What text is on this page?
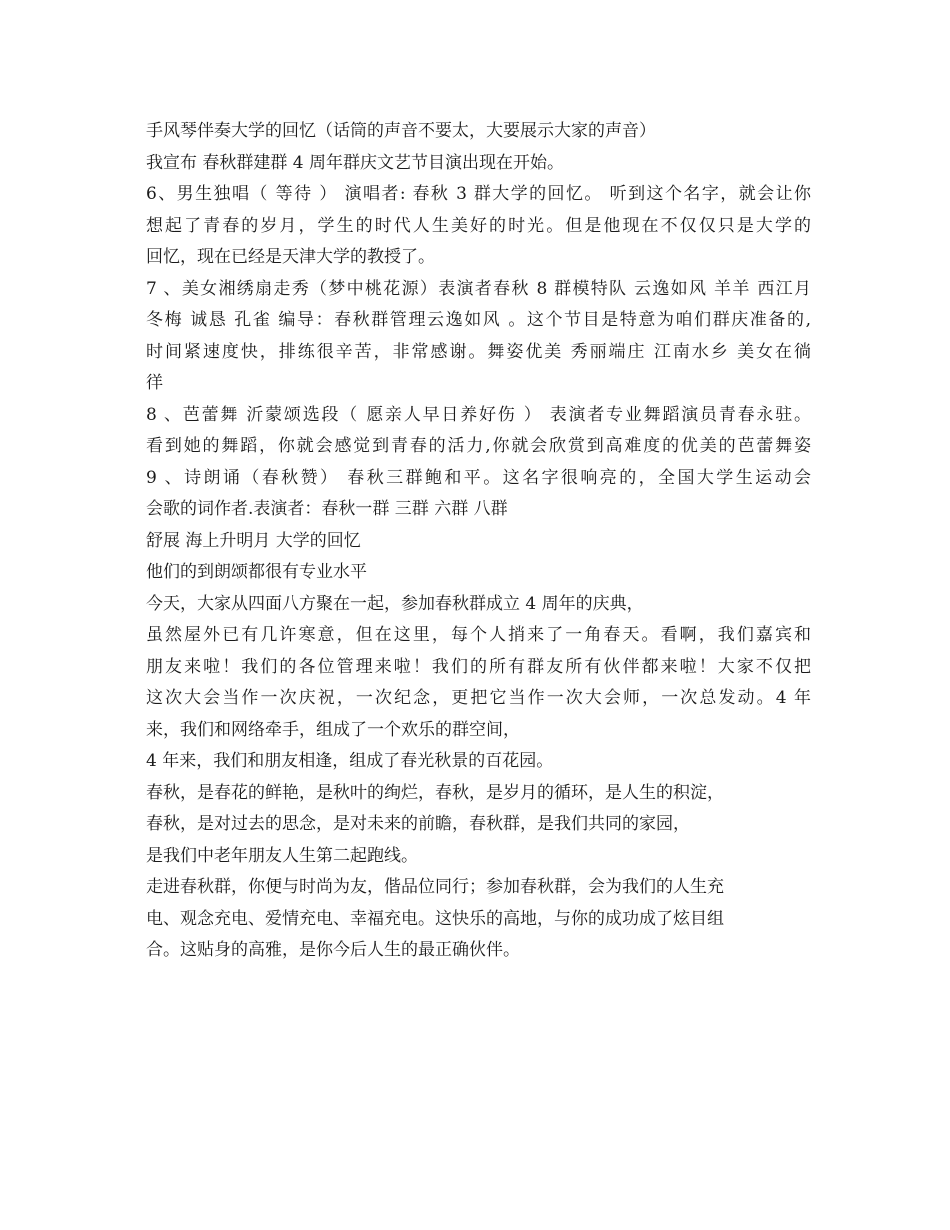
手风琴伴奏大学的回忆（话筒的声音不要太，大要展示大家的声音）
我宣布 春秋群建群 4 周年群庆文艺节目演出现在开始。
6、男生独唱（ 等待 ） 演唱者: 春秋 3 群大学的回忆。 听到这个名字，就会让你
想起了青春的岁月，学生的时代人生美好的时光。但是他现在不仅仅只是大学的
回忆，现在已经是天津大学的教授了。
7 、美女湘绣扇走秀（梦中桃花源）表演者春秋 8 群模特队 云逸如风 羊羊 西江月
冬梅 诚恳 孔雀 编导：春秋群管理云逸如风 。这个节目是特意为咱们群庆准备的,
时间紧速度快，排练很辛苦，非常感谢。舞姿优美 秀丽端庄 江南水乡 美女在徜
徉
8 、芭蕾舞 沂蒙颂选段（ 愿亲人早日养好伤 ） 表演者专业舞蹈演员青春永驻。
看到她的舞蹈，你就会感觉到青春的活力,你就会欣赏到高难度的优美的芭蕾舞姿
9 、诗朗诵（春秋赞） 春秋三群鲍和平。这名字很响亮的，全国大学生运动会
会歌的词作者.表演者：春秋一群 三群 六群 八群
舒展 海上升明月 大学的回忆
他们的到朗颂都很有专业水平
今天，大家从四面八方聚在一起，参加春秋群成立 4 周年的庆典，
虽然屋外已有几许寒意，但在这里，每个人捎来了一角春天。看啊，我们嘉宾和
朋友来啦！我们的各位管理来啦！我们的所有群友所有伙伴都来啦！大家不仅把
这次大会当作一次庆祝，一次纪念，更把它当作一次大会师，一次总发动。4 年
来，我们和网络牵手，组成了一个欢乐的群空间，
4 年来，我们和朋友相逢，组成了春光秋景的百花园。
春秋，是春花的鲜艳，是秋叶的绚烂，春秋，是岁月的循环，是人生的积淀，
春秋，是对过去的思念，是对未来的前瞻，春秋群，是我们共同的家园，
是我们中老年朋友人生第二起跑线。
走进春秋群，你便与时尚为友，偕品位同行；参加春秋群，会为我们的人生充
电、观念充电、爱情充电、幸福充电。这快乐的高地，与你的成功成了炫目组
合。这贴身的高雅，是你今后人生的最正确伙伴。
